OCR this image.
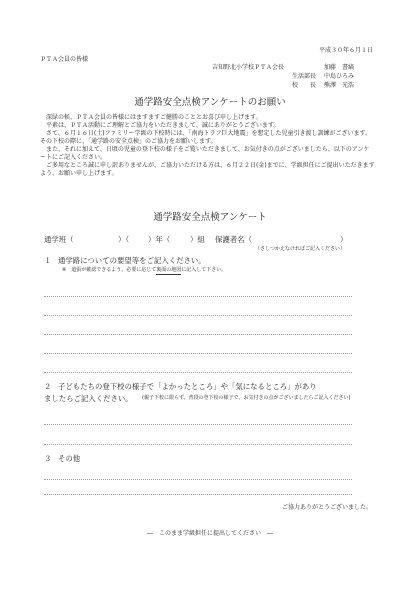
平成３０年６月１日
ＰＴＡ会員の皆様
吉知野北小学校ＰＴＡ会長	加藤　書縞
生活部長 中島ひろみ
校　　長 熊澤　光浩
通学路安全点検アンケートのお願い

深緑の候、ＰＴＡ会員の皆様にはますますご健勝のこととお喜び申し上げます。

平素は、ＰＴＡ活動にご理解とご協力をいただきまして、誠にありがとうございます。

さて、６月１６日(土)ファミリー学級の下校時には、「南海トラフ巨大地震」を想定した児童引き渡し訓練がございます。その下校の際に、「通学路の安全点検」のご協力をお願いします。

また、それに加えて、日頃の児童の登下校の様子をご覧いただきまして、お気付きの点がございましたら、以下のアンケートにご記入ください。

ご多用なところ誠に申し訳ありませんが、ご協力いただける方は、６月２２日(金)までに、学級担任にご提出いただきますよう、お願い申し上げます。

通学路安全点検アンケート
通学班（	）（	）年（	）組 保護者名（	）
（さしつかえなければご記入ください）
１ 通学路についての要望等をご記入ください。
※　道張が確認できるよう、必要に応じて裏面の地図に記入して下さい。
２ 子どもたちの登下校の様子で「よかったところ」や「気になるところ」があり
ましたらご記入ください。 (親子下校に限らず、普段の登下校の様子で、お気付きの点がございましたらご記入ください)
３ その他
ご協力ありがとうございました。
―　このまま学級担任に提出してください　―
